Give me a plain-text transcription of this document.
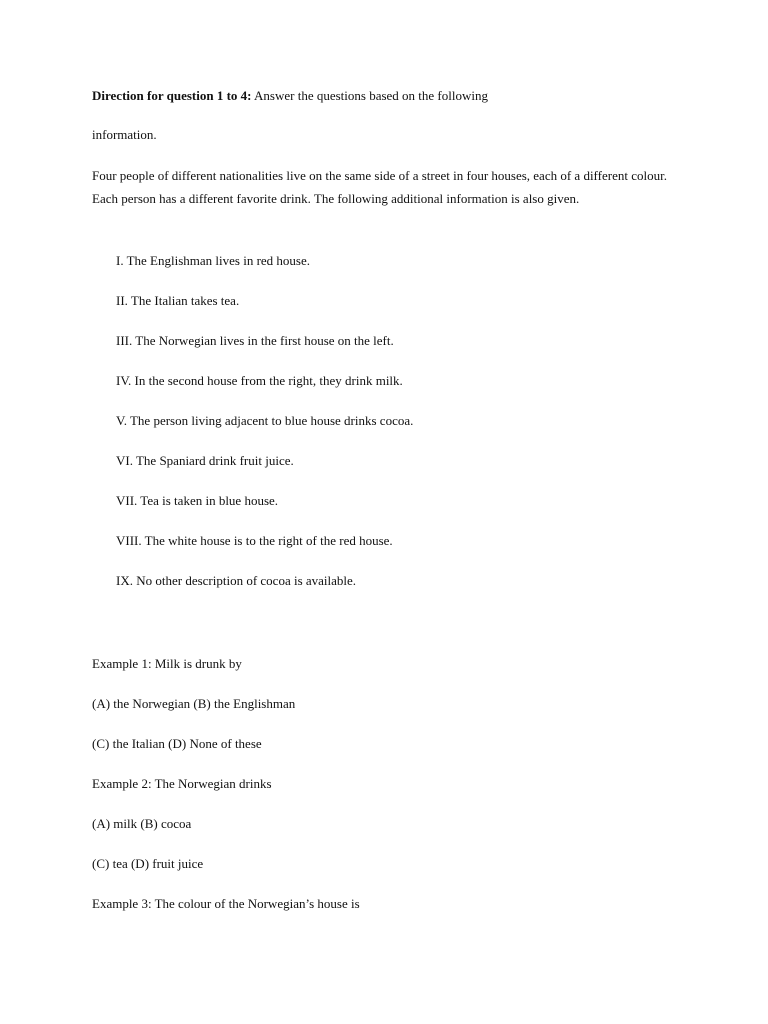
Direction for question 1 to 4: Answer the questions based on the following
information.
Four people of different nationalities live on the same side of a street in four houses, each of a different colour. Each person has a different favorite drink. The following additional information is also given.
I. The Englishman lives in red house.
II. The Italian takes tea.
III. The Norwegian lives in the first house on the left.
IV. In the second house from the right, they drink milk.
V. The person living adjacent to blue house drinks cocoa.
VI. The Spaniard drink fruit juice.
VII. Tea is taken in blue house.
VIII. The white house is to the right of the red house.
IX. No other description of cocoa is available.
Example 1: Milk is drunk by
(A) the Norwegian (B) the Englishman
(C) the Italian (D) None of these
Example 2: The Norwegian drinks
(A) milk (B) cocoa
(C) tea (D) fruit juice
Example 3: The colour of the Norwegian’s house is
